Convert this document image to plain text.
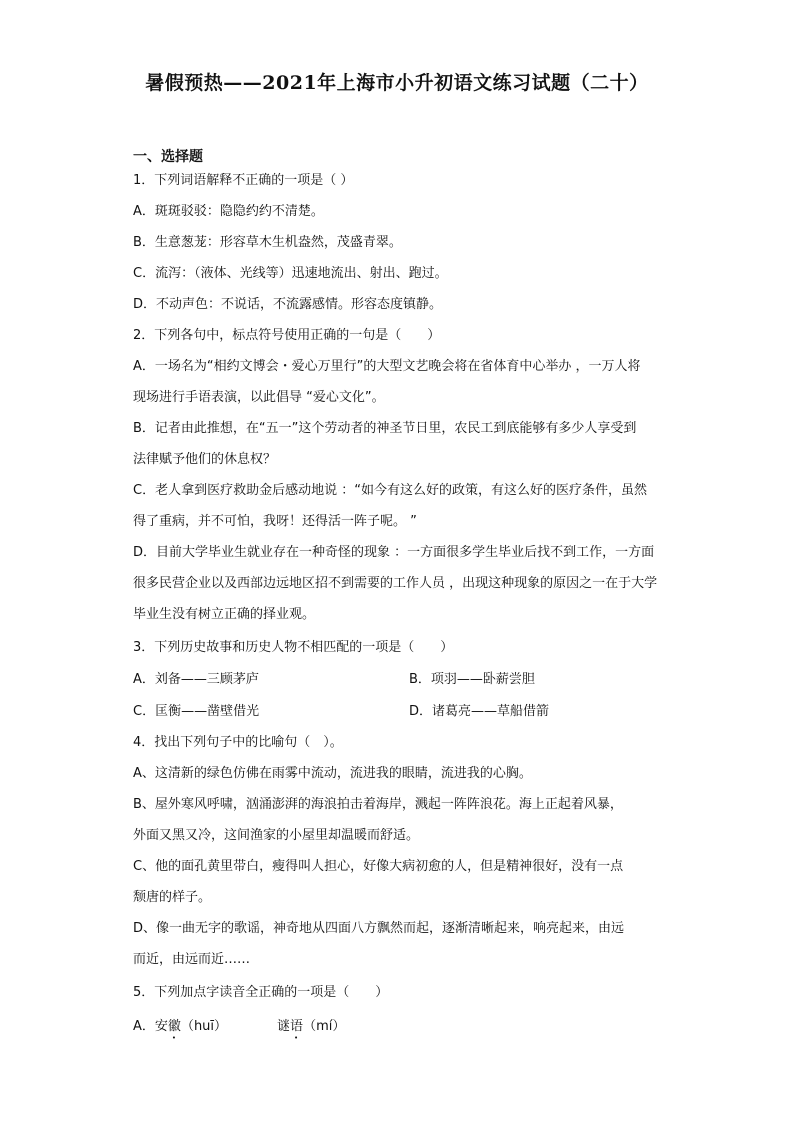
暑假预热——2021年上海市小升初语文练习试题（二十）
一、选择题
1．下列词语解释不正确的一项是（ ）
A．斑斑驳驳：隐隐约约不清楚。
B．生意葱茏：形容草木生机盎然，茂盛青翠。
C．流泻：（液体、光线等）迅速地流出、射出、跑过。
D．不动声色：不说话，不流露感情。形容态度镇静。
2．下列各句中，标点符号使用正确的一句是（　　）
A．一场名为“相约文博会・爱心万里行”的大型文艺晚会将在省体育中心举办 ，一万人将
现场进行手语表演，以此倡导 “爱心文化”。
B．记者由此推想，在“五一”这个劳动者的神圣节日里，农民工到底能够有多少人享受到
法律赋予他们的休息权？
C．老人拿到医疗救助金后感动地说 ：“如今有这么好的政策，有这么好的医疗条件，虽然
得了重病，并不可怕，我呀！还得活一阵子呢。 ”
D．目前大学毕业生就业存在一种奇怪的现象 ：一方面很多学生毕业后找不到工作，一方面
很多民营企业以及西部边远地区招不到需要的工作人员 ，出现这种现象的原因之一在于大学
毕业生没有树立正确的择业观。
3．下列历史故事和历史人物不相匹配的一项是（　　）
A．刘备——三顾茅庐	B．项羽——卧薪尝胆
C．匡衡——凿壁借光	D．诸葛亮——草船借箭
4．找出下列句子中的比喻句（　）。
A、这清新的绿色仿佛在雨雾中流动，流进我的眼睛，流进我的心胸。
B、屋外寒风呼啸，汹涌澎湃的海浪拍击着海岸，溅起一阵阵浪花。海上正起着风暴，
外面又黑又冷，这间渔家的小屋里却温暖而舒适。
C、他的面孔黄里带白，瘦得叫人担心，好像大病初愈的人，但是精神很好，没有一点
颓唐的样子。
D、像一曲无字的歌谣，神奇地从四面八方飘然而起，逐渐清晰起来，响亮起来，由远
而近，由远而近……
5．下列加点字读音全正确的一项是（　　）
A．安徽（huī）	谜语（mí）
